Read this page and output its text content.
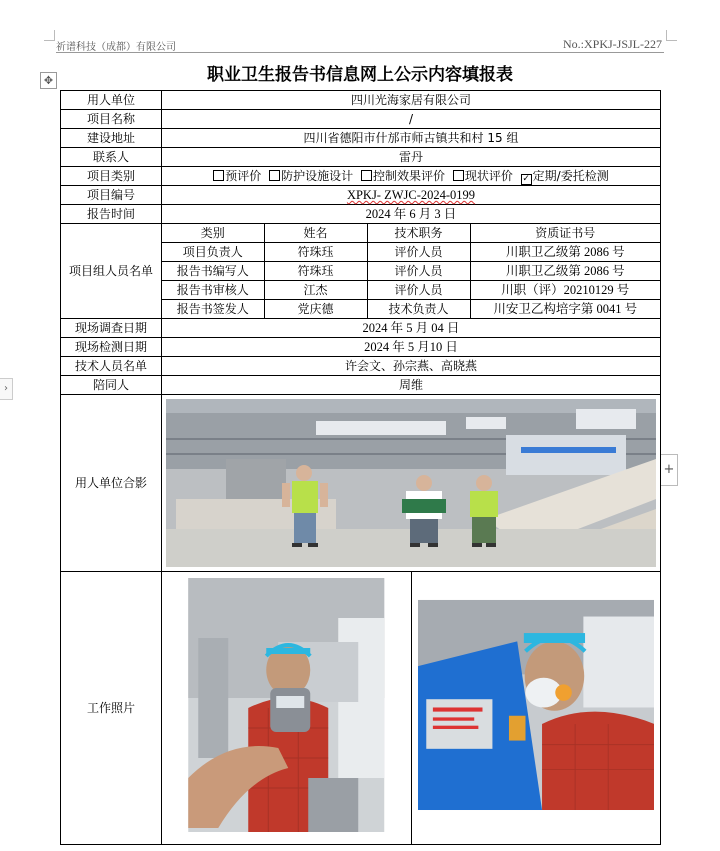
祈谱科技（成都）有限公司	No.:XPKJ-JSJL-227
✥
›
+
职业卫生报告书信息网上公示内容填报表
用人单位	四川光海家居有限公司
项目名称	/
建设地址	四川省德阳市什邡市师古镇共和村 15 组
联系人	雷丹
项目类别	预评价 防护设施设计 控制效果评价 现状评价 ✓ 定期/委托检测
项目编号	XPKJ- ZWJC-2024-0199
报告时间	2024 年 6 月 3 日
项目组人员名单	
类别	姓名	技术职务	资质证书号
项目负责人	符珠珏	评价人员	川职卫乙级第 2086 号
报告书编写人	符珠珏	评价人员	川职卫乙级第 2086 号
报告书审核人	江杰	评价人员	川职（评）20210129 号
报告书签发人	党庆德	技术负责人	川安卫乙构培字第 0041 号

现场调查日期	2024 年 5 月 04 日
现场检测日期	2024 年 5 月10 日
技术人员名单	许会文、孙宗燕、高晓燕
陪同人	周维
用人单位合影	

工作照片	
